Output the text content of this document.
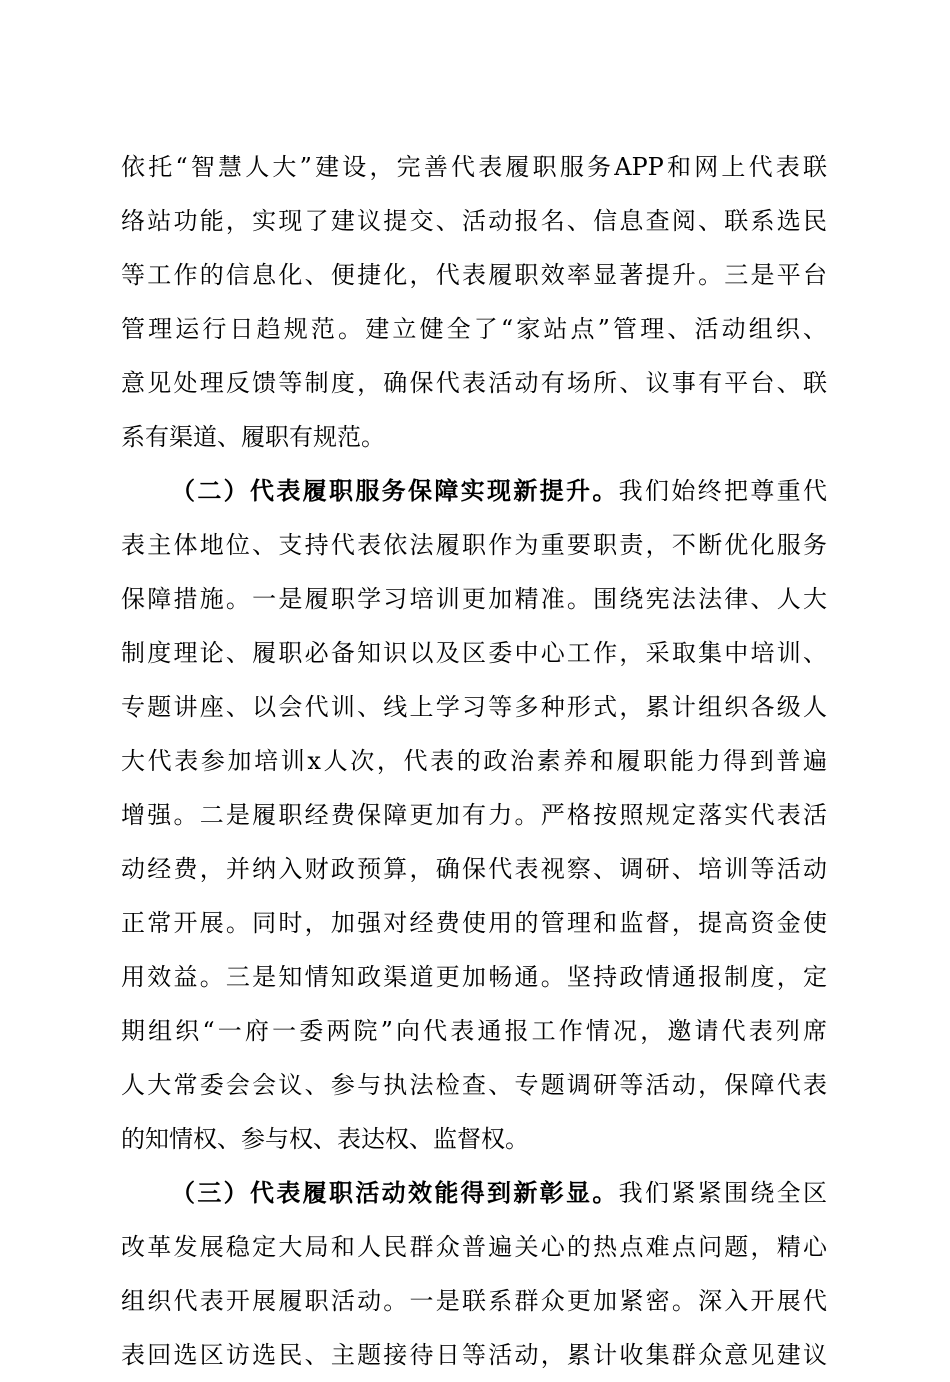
依托“智慧人大”建设，完善代表履职服务APP和网上代表联
络站功能，实现了建议提交、活动报名、信息查阅、联系选民
等工作的信息化、便捷化，代表履职效率显著提升。三是平台
管理运行日趋规范。建立健全了“家站点”管理、活动组织、
意见处理反馈等制度，确保代表活动有场所、议事有平台、联
系有渠道、履职有规范。
（二）代表履职服务保障实现新提升。我们始终把尊重代
表主体地位、支持代表依法履职作为重要职责，不断优化服务
保障措施。一是履职学习培训更加精准。围绕宪法法律、人大
制度理论、履职必备知识以及区委中心工作，采取集中培训、
专题讲座、以会代训、线上学习等多种形式，累计组织各级人
大代表参加培训x人次，代表的政治素养和履职能力得到普遍
增强。二是履职经费保障更加有力。严格按照规定落实代表活
动经费，并纳入财政预算，确保代表视察、调研、培训等活动
正常开展。同时，加强对经费使用的管理和监督，提高资金使
用效益。三是知情知政渠道更加畅通。坚持政情通报制度，定
期组织“一府一委两院”向代表通报工作情况，邀请代表列席
人大常委会会议、参与执法检查、专题调研等活动，保障代表
的知情权、参与权、表达权、监督权。
（三）代表履职活动效能得到新彰显。我们紧紧围绕全区
改革发展稳定大局和人民群众普遍关心的热点难点问题，精心
组织代表开展履职活动。一是联系群众更加紧密。深入开展代
表回选区访选民、主题接待日等活动，累计收集群众意见建议
